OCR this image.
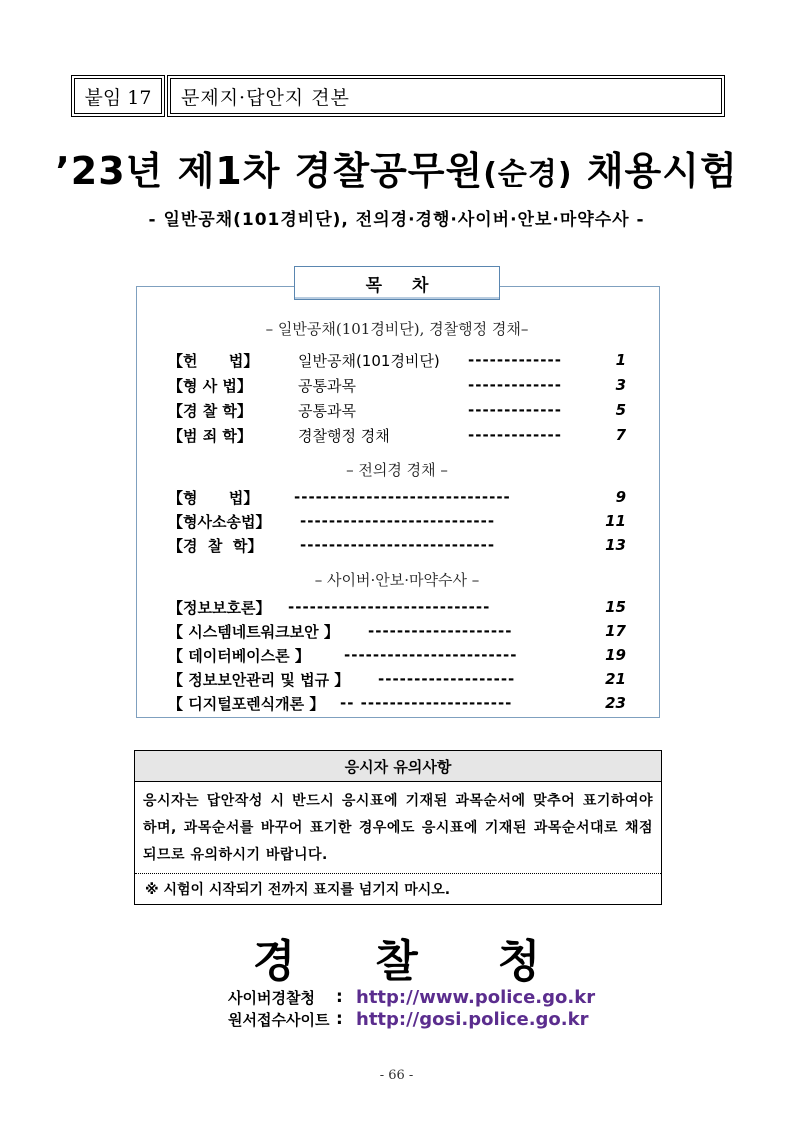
붙임 17	문제지·답안지 견본
’23년 제1차 경찰공무원(순경) 채용시험
- 일반공채(101경비단), 전의경·경행·사이버·안보·마약수사 -
목차
– 일반공채(101경비단), 경찰행정 경채–
【헌      법】	일반공채(101경비단) -------------	1
【형 사 법】	공통과목	-------------	3
【경 찰 학】	공통과목	-------------	5
【범 죄 학】	경찰행정 경채	-------------	7
– 전의경 경채 –
【형      법】 ------------------------------	9
【형사소송법】 ---------------------------	11
【경  찰  학】	---------------------------	13
– 사이버·안보·마약수사 –
【정보보호론】 ----------------------------	15
【 시스템네트워크보안 】 --------------------	17
【 데이터베이스론 】 ------------------------	19
【 정보보안관리 및 법규 】 -------------------	21
【 디지털포렌식개론 】 -- ---------------------	23
응시자 유의사항
응시자는 답안작성 시 반드시 응시표에 기재된 과목순서에 맞추어 표기하여야 하며, 과목순서를 바꾸어 표기한 경우에도 응시표에 기재된 과목순서대로 채점되므로 유의하시기 바랍니다.
※ 시험이 시작되기 전까지 표지를 넘기지 마시오.
경찰청
사이버경찰청	: http://www.police.go.kr
원서접수사이트 : http://gosi.police.go.kr
- 66 -
